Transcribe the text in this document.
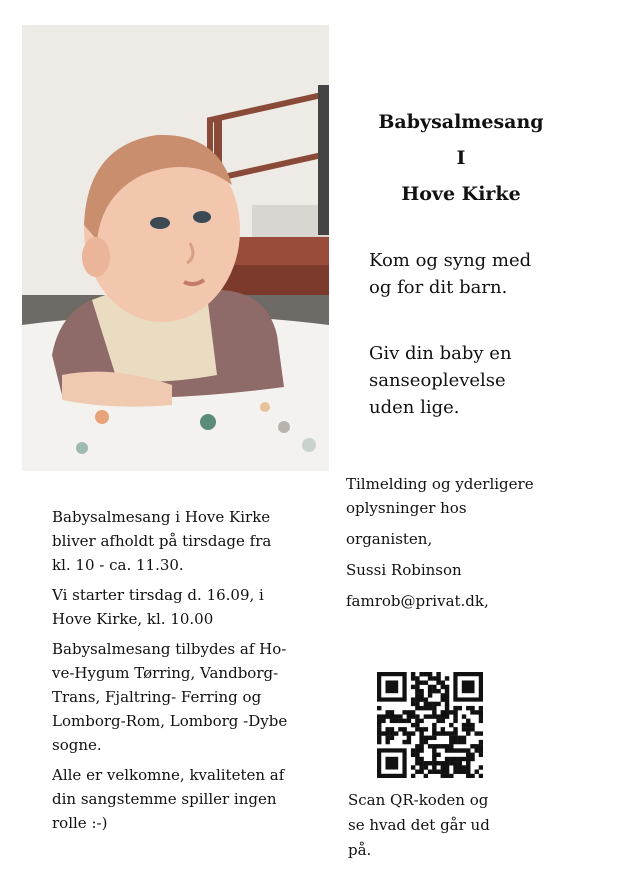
Babysalmesang
I
Hove Kirke
Kom og syng med
og for dit barn.
Giv din baby en
sanseoplevelse
uden lige.

Babysalmesang i Hove Kirke
bliver afholdt på tirsdage fra
kl. 10 - ca. 11.30.

Vi starter tirsdag d. 16.09, i
Hove Kirke, kl. 10.00

Babysalmesang tilbydes af Ho-
ve-Hygum Tørring, Vandborg-
Trans, Fjaltring- Ferring og
Lomborg-Rom, Lomborg -Dybe
sogne.

Alle er velkomne, kvaliteten af
din sangstemme spiller ingen
rolle :-)

Tilmelding og yderligere
oplysninger hos
organisten,
Sussi Robinson
famrob@privat.dk,
Scan QR-koden og
se hvad det går ud
på.
